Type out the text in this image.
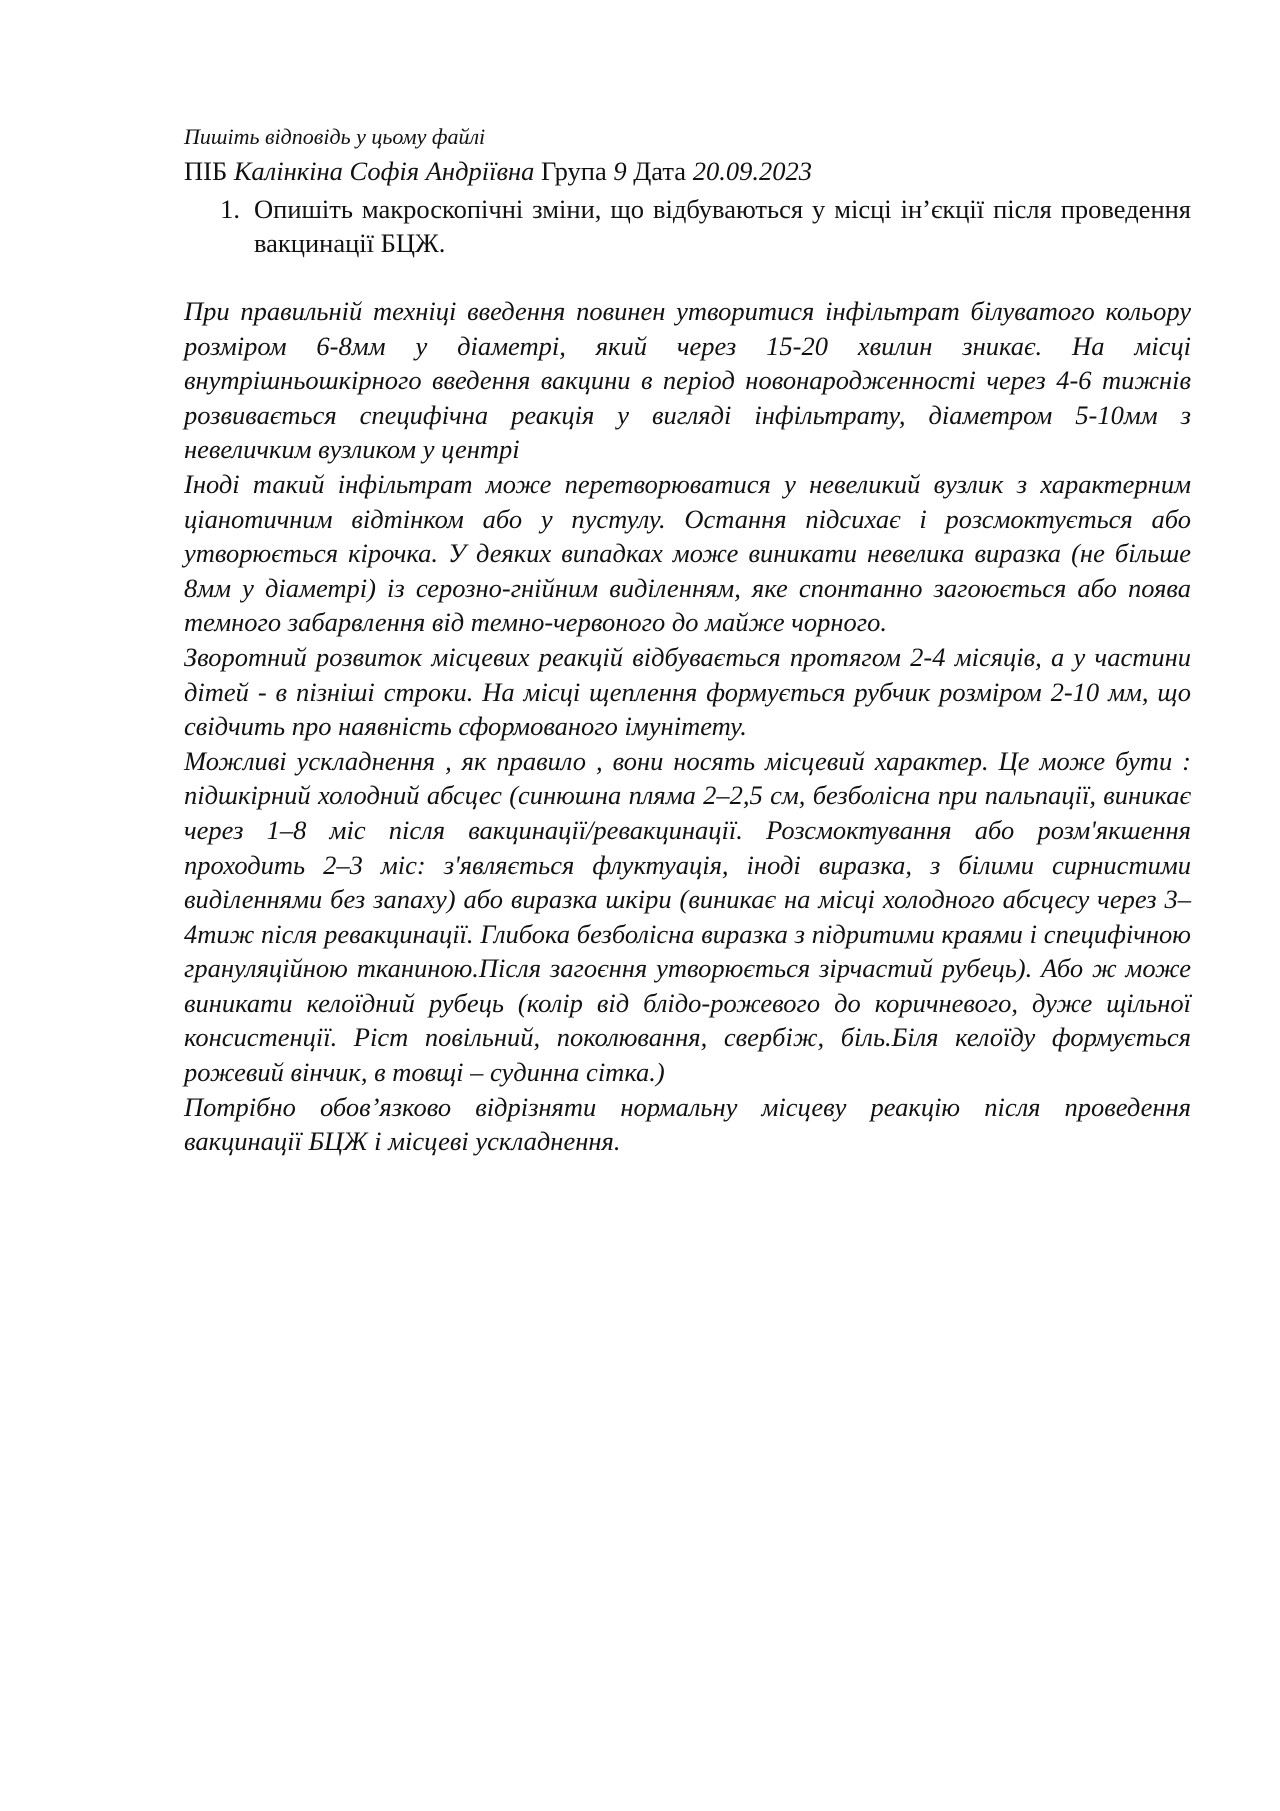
Пишіть відповідь у цьому файлі

ПІБ Калінкіна Софія Андріївна Група 9 Дата 20.09.2023

1. Опишіть макроскопічні зміни, що відбуваються у місці ін’єкції після проведення вакцинації БЦЖ.

При правильній техніці введення повинен утворитися інфільтрат білуватого кольору розміром 6-8мм у діаметрі, який через 15-20 хвилин зникає. На місці внутрішньошкірного введення вакцини в період новонародженності через 4-6 тижнів розвивається специфічна реакція у вигляді інфільтрату, діаметром 5-10мм з невеличким вузликом у центрі

Іноді такий інфільтрат може перетворюватися у невеликий вузлик з характерним ціанотичним відтінком або у пустулу. Остання підсихає і розсмоктується або утворюється кірочка. У деяких випадках може виникати невелика виразка (не більше 8мм у діаметрі) із серозно-гнійним виділенням, яке спонтанно загоюється або поява темного забарвлення від темно-червоного до майже чорного.

Зворотний розвиток місцевих реакцій відбувається протягом 2-4 місяців, а у частини дітей - в пізніші строки. На місці щеплення формується рубчик розміром 2-10 мм, що свідчить про наявність сформованого імунітету.

Можливі ускладнення , як правило , вони носять місцевий характер. Це може бути : підшкірний холодний абсцес (синюшна пляма 2–2,5 см, безболісна при пальпації, виникає через 1–8 міс після вакцинації/ревакцинації. Розсмоктування або розм'якшення проходить 2–3 міс: з'являється флуктуація, іноді виразка, з білими сирнистими виділеннями без запаху) або виразка шкіри (виникає на місці холодного абсцесу через 3–4тиж після ревакцинації. Глибока безболісна виразка з підритими краями і специфічною грануляційною тканиною.Після загоєння утворюється зірчастий рубець). Або ж може виникати келоїдний рубець (колір від блідо-рожевого до коричневого, дуже щільної консистенції. Ріст повільний, поколювання, свербіж, біль.Біля келоїду формується рожевий вінчик, в товщі – судинна сітка.)

Потрібно обов’язково відрізняти нормальну місцеву реакцію після проведення вакцинації БЦЖ і місцеві ускладнення.
